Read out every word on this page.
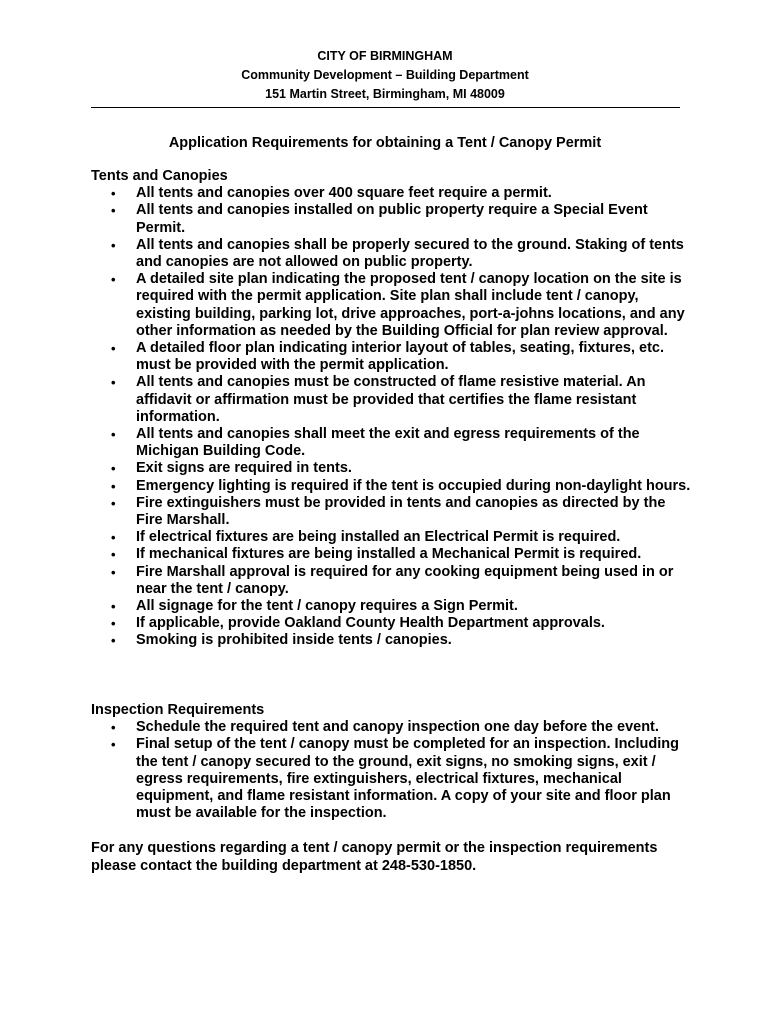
CITY OF BIRMINGHAM
Community Development – Building Department
151 Martin Street, Birmingham, MI 48009
Application Requirements for obtaining a Tent / Canopy Permit
Tents and Canopies
• All tents and canopies over 400 square feet require a permit.
• All tents and canopies installed on public property require a Special Event Permit.
• All tents and canopies shall be properly secured to the ground. Staking of tents and canopies are not allowed on public property.
• A detailed site plan indicating the proposed tent / canopy location on the site is required with the permit application. Site plan shall include tent / canopy, existing building, parking lot, drive approaches, port-a-johns locations, and any other information as needed by the Building Official for plan review approval.
• A detailed floor plan indicating interior layout of tables, seating, fixtures, etc. must be provided with the permit application.
• All tents and canopies must be constructed of flame resistive material. An affidavit or affirmation must be provided that certifies the flame resistant information.
• All tents and canopies shall meet the exit and egress requirements of the Michigan Building Code.
• Exit signs are required in tents.
• Emergency lighting is required if the tent is occupied during non-daylight hours.
• Fire extinguishers must be provided in tents and canopies as directed by the Fire Marshall.
• If electrical fixtures are being installed an Electrical Permit is required.
• If mechanical fixtures are being installed a Mechanical Permit is required.
• Fire Marshall approval is required for any cooking equipment being used in or near the tent / canopy.
• All signage for the tent / canopy requires a Sign Permit.
• If applicable, provide Oakland County Health Department approvals.
• Smoking is prohibited inside tents / canopies.
Inspection Requirements
• Schedule the required tent and canopy inspection one day before the event.
• Final setup of the tent / canopy must be completed for an inspection. Including the tent / canopy secured to the ground, exit signs, no smoking signs, exit / egress requirements, fire extinguishers, electrical fixtures, mechanical equipment, and flame resistant information. A copy of your site and floor plan must be available for the inspection.
For any questions regarding a tent / canopy permit or the inspection requirements please contact the building department at 248-530-1850.
